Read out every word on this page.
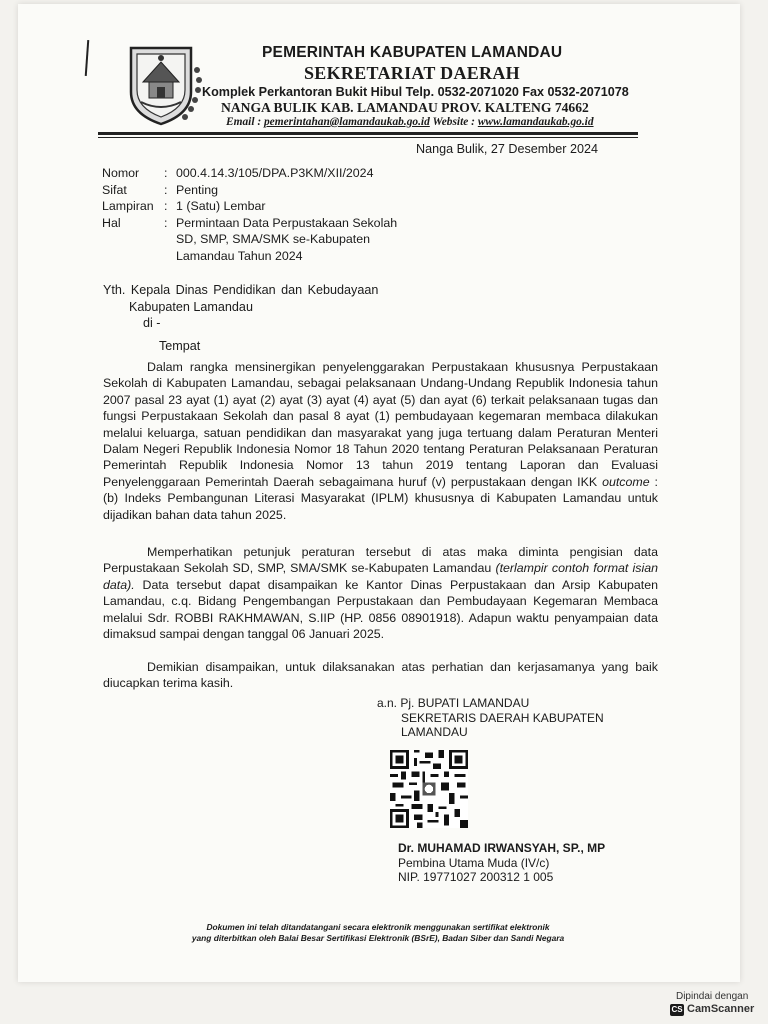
PEMERINTAH KABUPATEN LAMANDAU
SEKRETARIAT DAERAH
Komplek Perkantoran Bukit Hibul Telp. 0532-2071020 Fax 0532-2071078
NANGA BULIK KAB. LAMANDAU PROV. KALTENG 74662
Email : pemerintahan@lamandaukab.go.id Website : www.lamandaukab.go.id
Nanga Bulik, 27 Desember 2024
Nomor	:	000.4.14.3/105/DPA.P3KM/XII/2024
Sifat	:	Penting
Lampiran	:	1 (Satu) Lembar
Hal	:	Permintaan Data Perpustakaan Sekolah
SD, SMP, SMA/SMK se-Kabupaten
Lamandau Tahun 2024
Yth. Kepala Dinas Pendidikan dan Kebudayaan
Kabupaten Lamandau
di -
Tempat
Dalam rangka mensinergikan penyelenggarakan Perpustakaan khususnya Perpustakaan Sekolah di Kabupaten Lamandau, sebagai pelaksanaan Undang-Undang Republik Indonesia tahun 2007 pasal 23 ayat (1) ayat (2) ayat (3) ayat (4) ayat (5) dan ayat (6) terkait pelaksanaan tugas dan fungsi Perpustakaan Sekolah dan pasal 8 ayat (1) pembudayaan kegemaran membaca dilakukan melalui keluarga, satuan pendidikan dan masyarakat yang juga tertuang dalam Peraturan Menteri Dalam Negeri Republik Indonesia Nomor 18 Tahun 2020 tentang Peraturan Pelaksanaan Peraturan Pemerintah Republik Indonesia Nomor 13 tahun 2019 tentang Laporan dan Evaluasi Penyelenggaraan Pemerintah Daerah sebagaimana huruf (v) perpustakaan dengan IKK outcome : (b) Indeks Pembangunan Literasi Masyarakat (IPLM) khususnya di Kabupaten Lamandau untuk dijadikan bahan data tahun 2025.
Memperhatikan petunjuk peraturan tersebut di atas maka diminta pengisian data Perpustakaan Sekolah SD, SMP, SMA/SMK se-Kabupaten Lamandau (terlampir contoh format isian data). Data tersebut dapat disampaikan ke Kantor Dinas Perpustakaan dan Arsip Kabupaten Lamandau, c.q. Bidang Pengembangan Perpustakaan dan Pembudayaan Kegemaran Membaca melalui Sdr. ROBBI RAKHMAWAN, S.IIP (HP. 0856 08901918). Adapun waktu penyampaian data dimaksud sampai dengan tanggal 06 Januari 2025.
Demikian disampaikan, untuk dilaksanakan atas perhatian dan kerjasamanya yang baik diucapkan terima kasih.
a.n. Pj. BUPATI LAMANDAU
SEKRETARIS DAERAH KABUPATEN
LAMANDAU
Dr. MUHAMAD IRWANSYAH, SP., MP
Pembina Utama Muda (IV/c)
NIP. 19771027 200312 1 005
Dokumen ini telah ditandatangani secara elektronik menggunakan sertifikat elektronik
yang diterbitkan oleh Balai Besar Sertifikasi Elektronik (BSrE), Badan Siber dan Sandi Negara
Dipindai dengan
CS CamScanner
